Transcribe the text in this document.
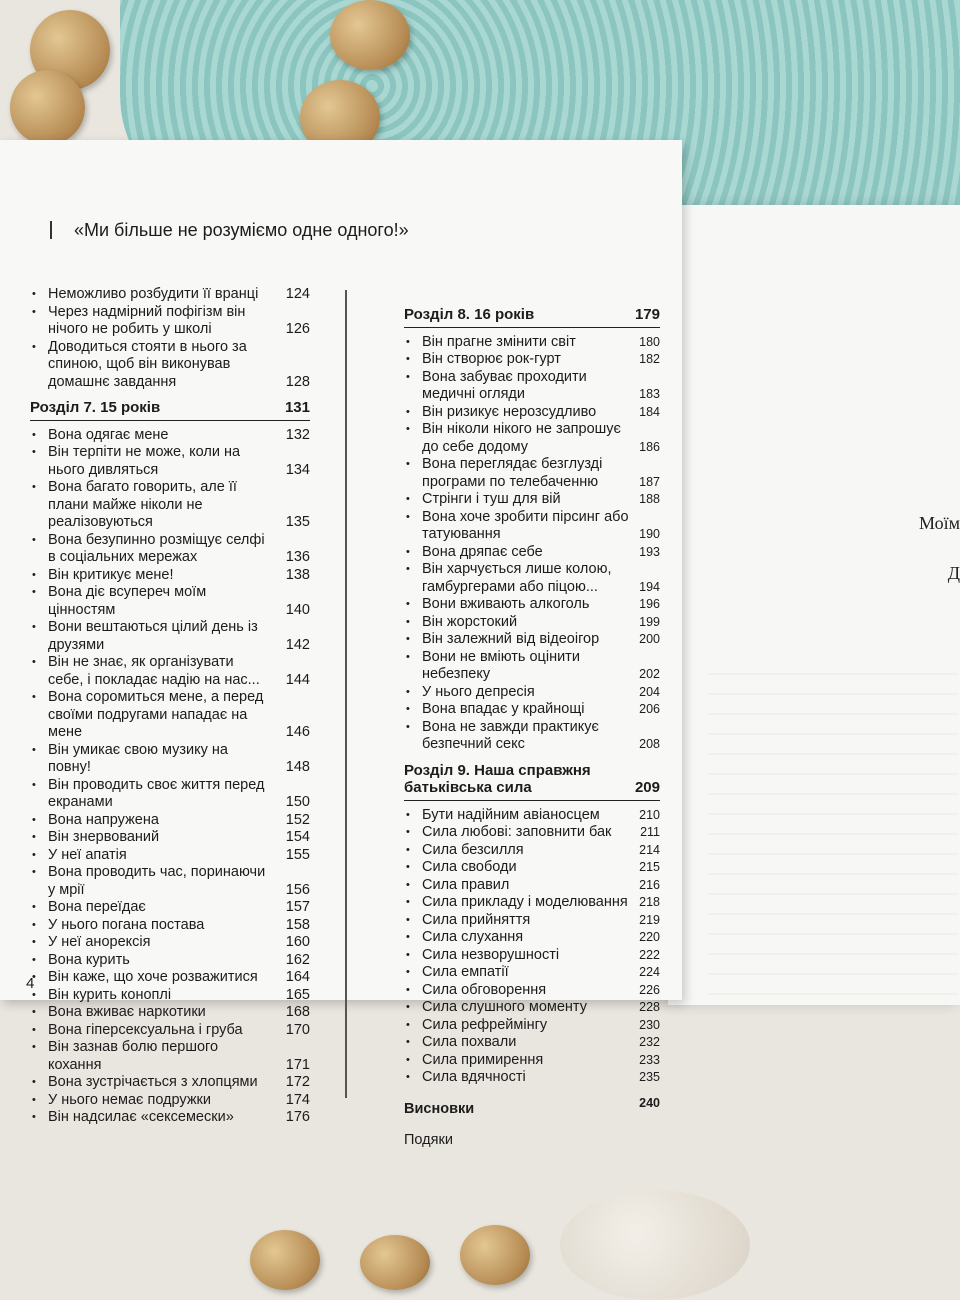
Моїм
Д
«Ми більше не розуміємо одне одного!»
• Неможливо розбудити її вранці 124
• Через надмірний пофігізм він нічого не робить у школі	126
• Доводиться стояти в нього за спиною, щоб він виконував домашнє завдання	128
Розділ 7. 15 років	131
• Вона одягає мене	132
• Він терпіти не може, коли на нього дивляться	134
• Вона багато говорить, але її плани майже ніколи не реалізовуються	135
• Вона безупинно розміщує селфі в соціальних мережах	136
• Він критикує мене!	138
• Вона діє всупереч моїм цінностям	140
• Вони вештаються цілий день із друзями	142
• Він не знає, як організувати себе, і покладає надію на нас... 144
• Вона соромиться мене, а перед своїми подругами нападає на мене	146
• Він умикає свою музику на повну!	148
• Він проводить своє життя перед екранами	150
• Вона напружена	152
• Він знервований	154
• У неї апатія	155
• Вона проводить час, поринаючи у мрії	156
• Вона переїдає	157
• У нього погана постава	158
• У неї анорексія	160
• Вона курить	162
• Він каже, що хоче розважитися 164
• Він курить коноплі	165
• Вона вживає наркотики	168
• Вона гіперсексуальна і груба	170
• Він зазнав болю першого кохання	171
• Вона зустрічається з хлопцями 172
• У нього немає подружки	174
• Він надсилає «сексемески»	176
Розділ 8. 16 років	179
• Він прагне змінити світ	180
• Він створює рок-гурт	182
• Вона забуває проходити медичні огляди	183
• Він ризикує нерозсудливо	184
• Він ніколи нікого не запрошує до себе додому	186
• Вона переглядає безглузді програми по телебаченню	187
• Стрінги і туш для вій	188
• Вона хоче зробити пірсинг або татуювання	190
• Вона дряпає себе	193
• Він харчується лише колою, гамбургерами або піцою...	194
• Вони вживають алкоголь	196
• Він жорстокий	199
• Він залежний від відеоігор	200
• Вони не вміють оцінити небезпеку	202
• У нього депресія	204
• Вона впадає у крайнощі	206
• Вона не завжди практикує безпечний секс	208
Розділ 9. Наша справжня батьківська сила	209
• Бути надійним авіаносцем	210
• Сила любові: заповнити бак 211
• Сила безсилля	214
• Сила свободи	215
• Сила правил	216
• Сила прикладу і моделювання 218
• Сила прийняття	219
• Сила слухання	220
• Сила незворушності	222
• Сила емпатії	224
• Сила обговорення	226
• Сила слушного моменту	228
• Сила рефреймінгу	230
• Сила похвали	232
• Сила примирення	233
• Сила вдячності	235
Висновки	240
Подяки
4
